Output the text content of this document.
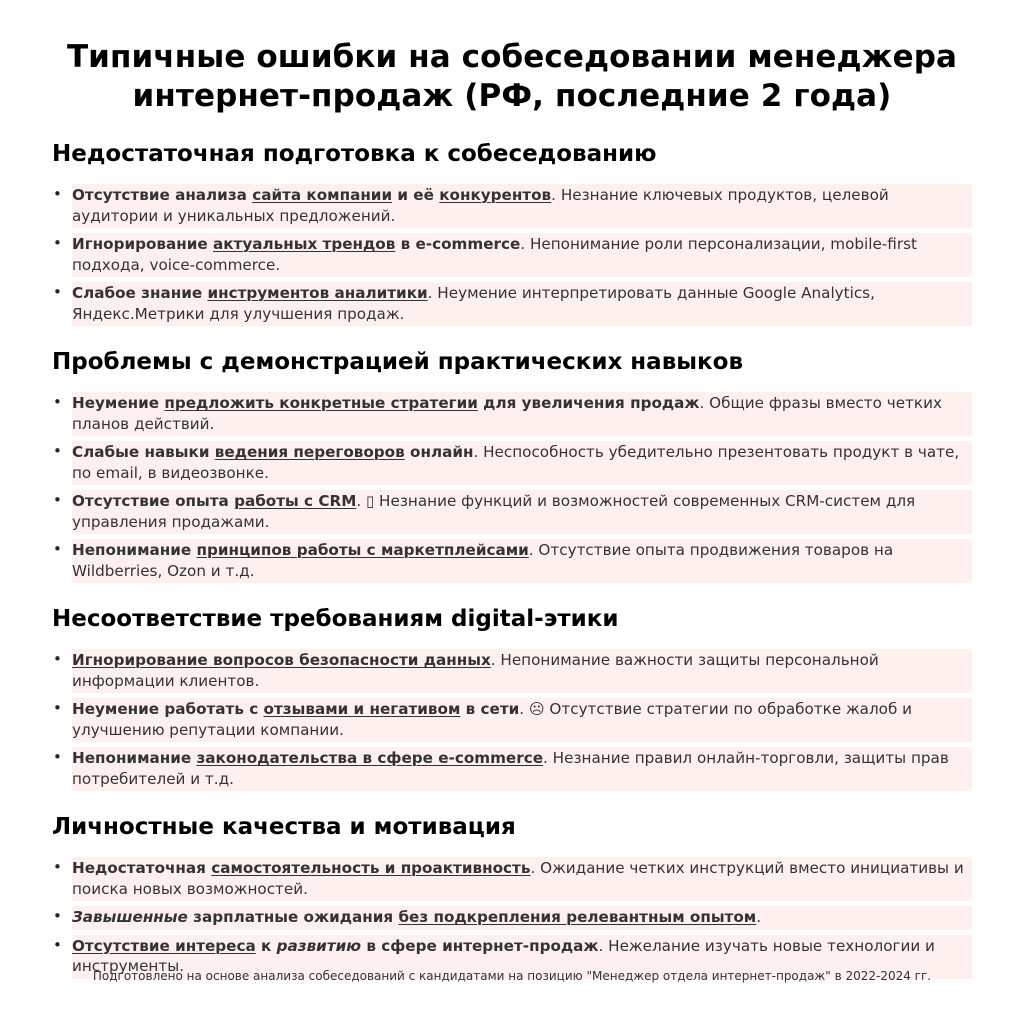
Типичные ошибки на собеседовании менеджера
интернет-продаж (РФ, последние 2 года)
Недостаточная подготовка к собеседованию
• Отсутствие анализа сайта компании и её конкурентов. Незнание ключевых продуктов, целевой аудитории и уникальных предложений.
• Игнорирование актуальных трендов в e-commerce. Непонимание роли персонализации, mobile-first подхода, voice-commerce.
• Слабое знание инструментов аналитики. Неумение интерпретировать данные Google Analytics, Яндекс.Метрики для улучшения продаж.
Проблемы с демонстрацией практических навыков
• Неумение предложить конкретные стратегии для увеличения продаж. Общие фразы вместо четких планов действий.
• Слабые навыки ведения переговоров онлайн. Неспособность убедительно презентовать продукт в чате, по email, в видеозвонке.
• Отсутствие опыта работы с CRM. ▯ Незнание функций и возможностей современных CRM-систем для управления продажами.
• Непонимание принципов работы с маркетплейсами. Отсутствие опыта продвижения товаров на Wildberries, Ozon и т.д.
Несоответствие требованиям digital-этики
• Игнорирование вопросов безопасности данных. Непонимание важности защиты персональной информации клиентов.
• Неумение работать с отзывами и негативом в сети. ☹ Отсутствие стратегии по обработке жалоб и улучшению репутации компании.
• Непонимание законодательства в сфере e-commerce. Незнание правил онлайн-торговли, защиты прав потребителей и т.д.
Личностные качества и мотивация
• Недостаточная самостоятельность и проактивность. Ожидание четких инструкций вместо инициативы и поиска новых возможностей.
• Завышенные зарплатные ожидания без подкрепления релевантным опытом.
• Отсутствие интереса к развитию в сфере интернет-продаж. Нежелание изучать новые технологии и инструменты.
Подготовлено на основе анализа собеседований с кандидатами на позицию "Менеджер отдела интернет-продаж" в 2022-2024 гг.
